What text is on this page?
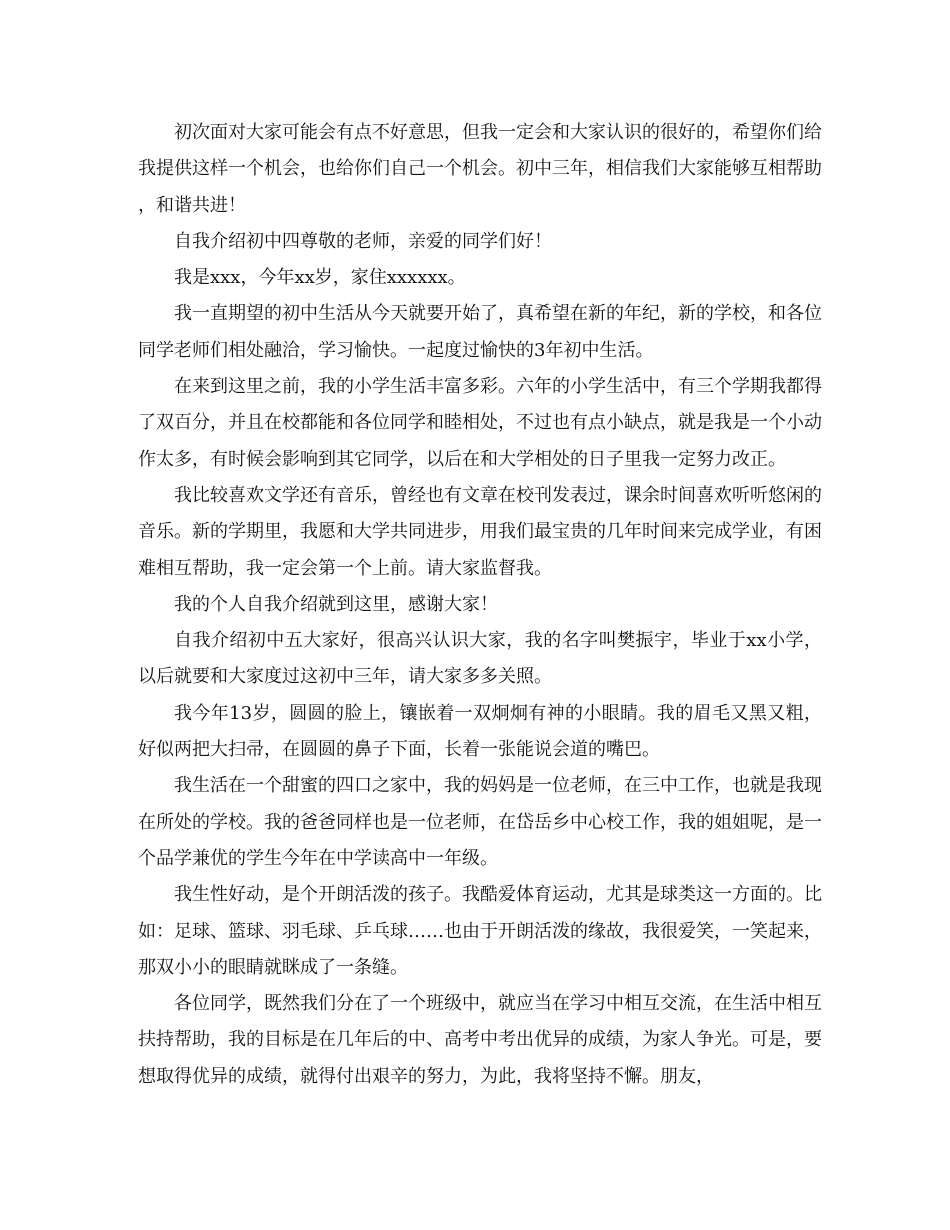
初次面对大家可能会有点不好意思，但我一定会和大家认识的很好的，希望你们给我提供这样一个机会，也给你们自己一个机会。初中三年，相信我们大家能够互相帮助，和谐共进！

自我介绍初中四尊敬的老师，亲爱的同学们好！

我是xxx，今年xx岁，家住xxxxxx。

我一直期望的初中生活从今天就要开始了，真希望在新的年纪，新的学校，和各位同学老师们相处融洽，学习愉快。一起度过愉快的3年初中生活。

在来到这里之前，我的小学生活丰富多彩。六年的小学生活中，有三个学期我都得了双百分，并且在校都能和各位同学和睦相处，不过也有点小缺点，就是我是一个小动作太多，有时候会影响到其它同学，以后在和大学相处的日子里我一定努力改正。

我比较喜欢文学还有音乐，曾经也有文章在校刊发表过，课余时间喜欢听听悠闲的音乐。新的学期里，我愿和大学共同进步，用我们最宝贵的几年时间来完成学业，有困难相互帮助，我一定会第一个上前。请大家监督我。

我的个人自我介绍就到这里，感谢大家！

自我介绍初中五大家好，很高兴认识大家，我的名字叫樊振宇，毕业于xx小学，以后就要和大家度过这初中三年，请大家多多关照。

我今年13岁，圆圆的脸上，镶嵌着一双炯炯有神的小眼睛。我的眉毛又黑又粗，好似两把大扫帚，在圆圆的鼻子下面，长着一张能说会道的嘴巴。

我生活在一个甜蜜的四口之家中，我的妈妈是一位老师，在三中工作，也就是我现在所处的学校。我的爸爸同样也是一位老师，在岱岳乡中心校工作，我的姐姐呢，是一个品学兼优的学生今年在中学读高中一年级。

我生性好动，是个开朗活泼的孩子。我酷爱体育运动，尤其是球类这一方面的。比如：足球、篮球、羽毛球、乒乓球……也由于开朗活泼的缘故，我很爱笑，一笑起来，那双小小的眼睛就眯成了一条缝。

各位同学，既然我们分在了一个班级中，就应当在学习中相互交流，在生活中相互扶持帮助，我的目标是在几年后的中、高考中考出优异的成绩，为家人争光。可是，要想取得优异的成绩，就得付出艰辛的努力，为此，我将坚持不懈。朋友，
